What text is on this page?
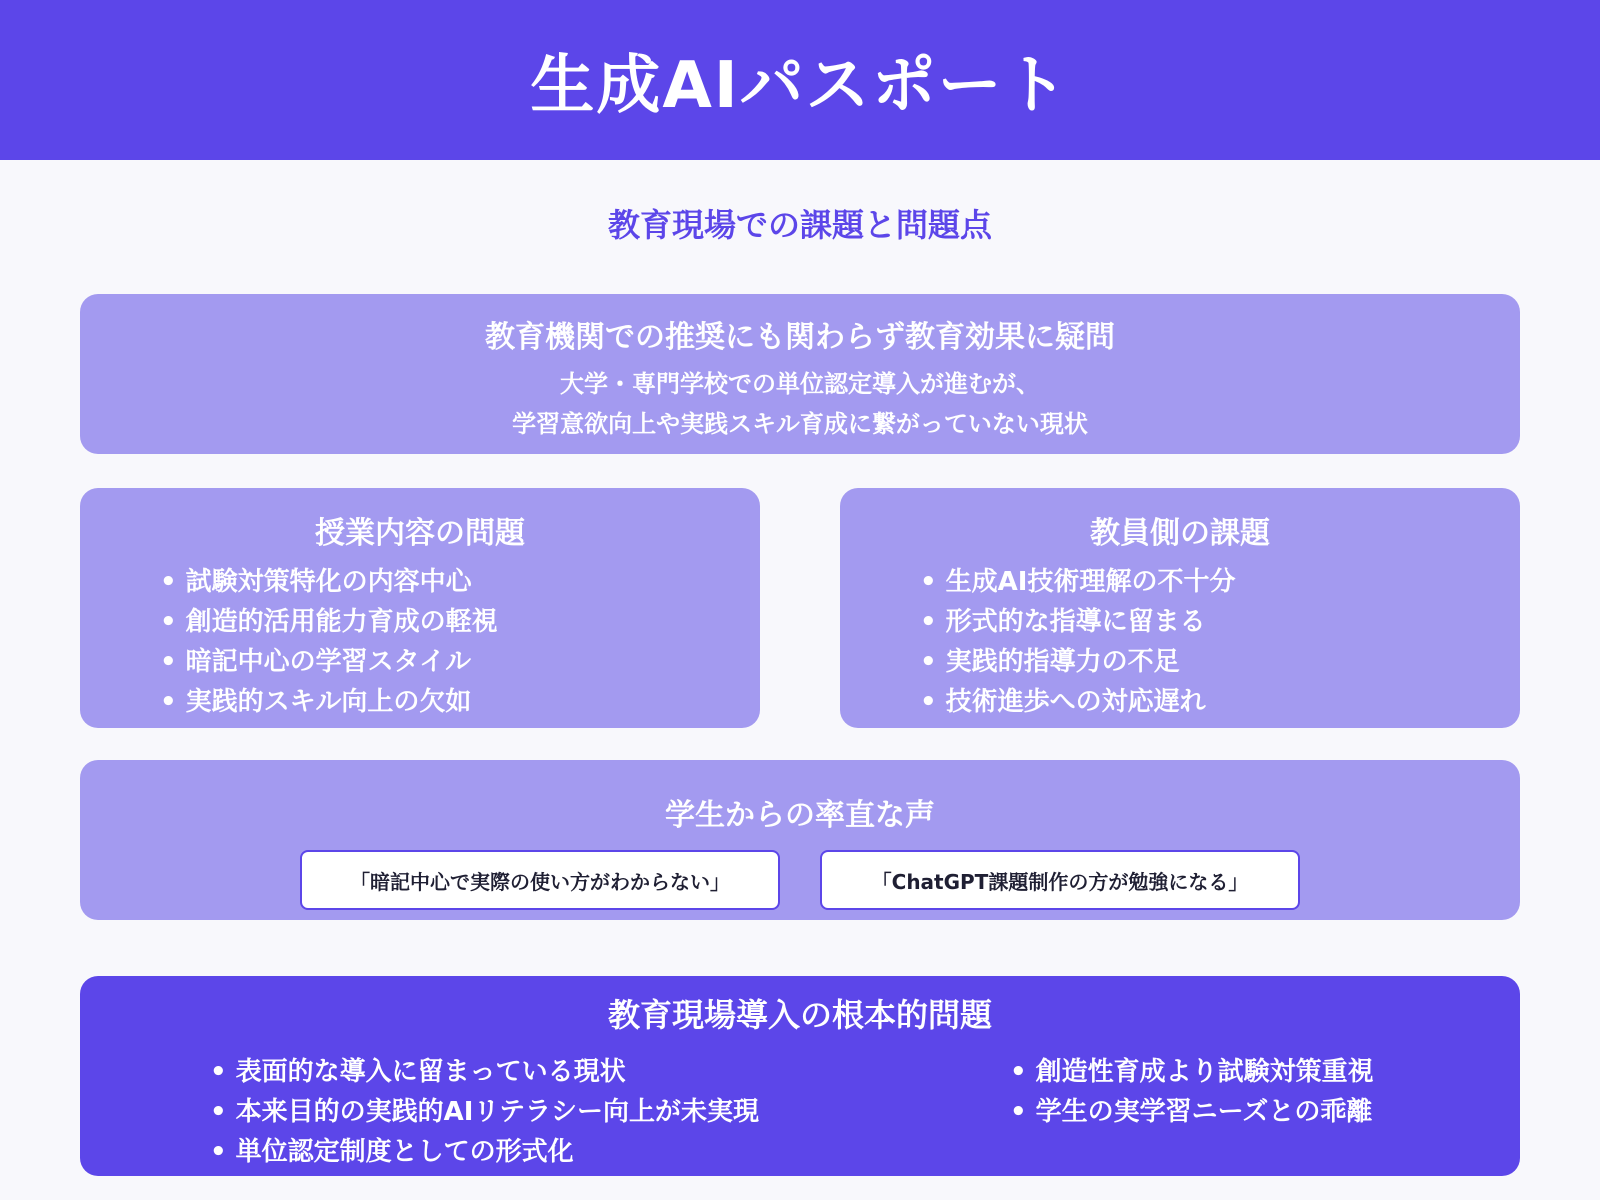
生成AIパスポート
教育現場での課題と問題点
教育機関での推奨にも関わらず教育効果に疑問
大学・専門学校での単位認定導入が進むが、
学習意欲向上や実践スキル育成に繋がっていない現状
授業内容の問題
• 試験対策特化の内容中心
• 創造的活用能力育成の軽視
• 暗記中心の学習スタイル
• 実践的スキル向上の欠如
教員側の課題
• 生成AI技術理解の不十分
• 形式的な指導に留まる
• 実践的指導力の不足
• 技術進歩への対応遅れ
学生からの率直な声
「暗記中心で実際の使い方がわからない」	「ChatGPT課題制作の方が勉強になる」
教育現場導入の根本的問題
• 表面的な導入に留まっている現状
• 本来目的の実践的AIリテラシー向上が未実現
• 単位認定制度としての形式化
• 創造性育成より試験対策重視
• 学生の実学習ニーズとの乖離
